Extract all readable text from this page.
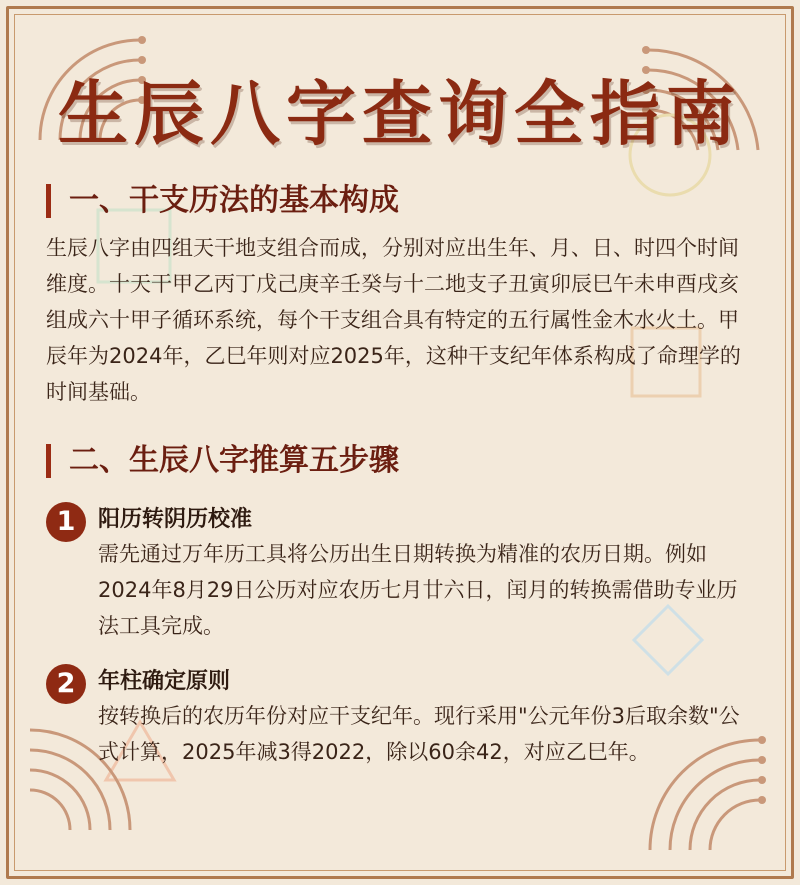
生辰八字查询全指南
一、干支历法的基本构成
生辰八字由四组天干地支组合而成，分别对应出生年、月、日、时四个时间维度。十天干甲乙丙丁戊己庚辛壬癸与十二地支子丑寅卯辰巳午未申酉戌亥组成六十甲子循环系统，每个干支组合具有特定的五行属性金木水火土。甲辰年为2024年，乙巳年则对应2025年，这种干支纪年体系构成了命理学的时间基础。
二、生辰八字推算五步骤
1	阳历转阴历校准
需先通过万年历工具将公历出生日期转换为精准的农历日期。例如2024年8月29日公历对应农历七月廿六日，闰月的转换需借助专业历法工具完成。
2	年柱确定原则
按转换后的农历年份对应干支纪年。现行采用"公元年份3后取余数"公式计算，2025年减3得2022，除以60余42，对应乙巳年。
